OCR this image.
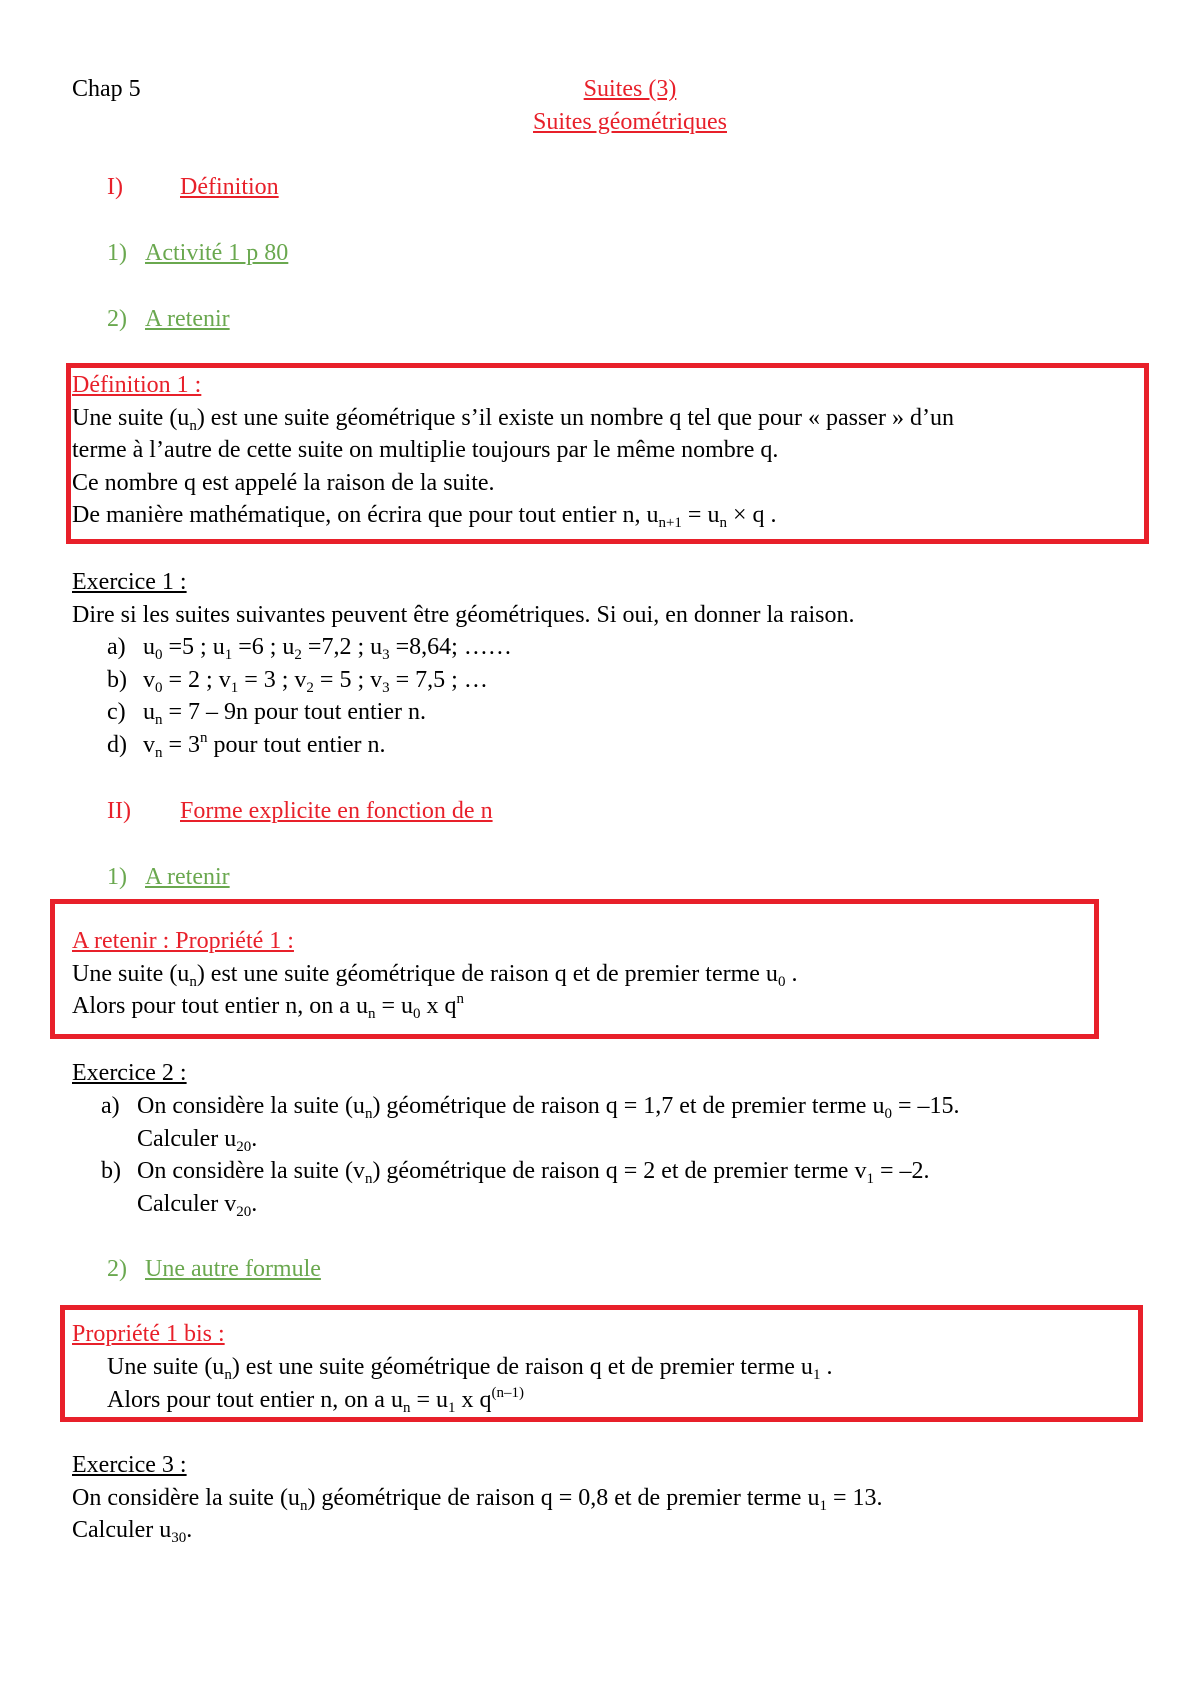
Chap 5	Suites (3)
Suites géométriques
I) Définition
1) Activité 1 p 80
2) A retenir
Définition 1 :
Une suite $(u_n)$ est une suite géométrique s’il existe un nombre q tel que pour « passer » d’un
terme à l’autre de cette suite on multiplie toujours par le même nombre q.
Ce nombre q est appelé la raison de la suite.
De manière mathématique, on écrira que pour tout entier n, $u_{n+1} = u_n \times q$ .
Exercice 1 :
Dire si les suites suivantes peuvent être géométriques. Si oui, en donner la raison.
a)
b)
c)
d)
$u_0 =5$ ; $u_1 =6$ ; $u_2 =7,2$ ; $u_3 =8,64$; ……
$v_0 = 2$ ; $v_1 = 3$ ; $v_2 = 5$ ; $v_3 = 7,5$ ; …
$u_n = 7 - 9n$ pour tout entier n.
$v_n = 3^n$ pour tout entier n.
II) Forme explicite en fonction de n
1) A retenir
A retenir : Propriété 1 :
Une suite $(u_n)$ est une suite géométrique de raison q et de premier terme $u_0$ .
Alors pour tout entier n, on a $u_n = u_0$ x $q^n$
Exercice 2 :
a)
b)
On considère la suite $(u_n)$ géométrique de raison q = 1,7 et de premier terme $u_0 = -15$.
Calculer $u_{20}$.
On considère la suite $(v_n)$ géométrique de raison q = 2 et de premier terme $v_1 = -2$.
Calculer $v_{20}$.
2) Une autre formule
Propriété 1 bis :
Une suite $(u_n)$ est une suite géométrique de raison q et de premier terme $u_1$ .
Alors pour tout entier n, on a $u_n = u_1$ x $q^{(n-1)}$
Exercice 3 :
On considère la suite $(u_n)$ géométrique de raison q = 0,8 et de premier terme $u_1 = 13$.
Calculer $u_{30}$.
